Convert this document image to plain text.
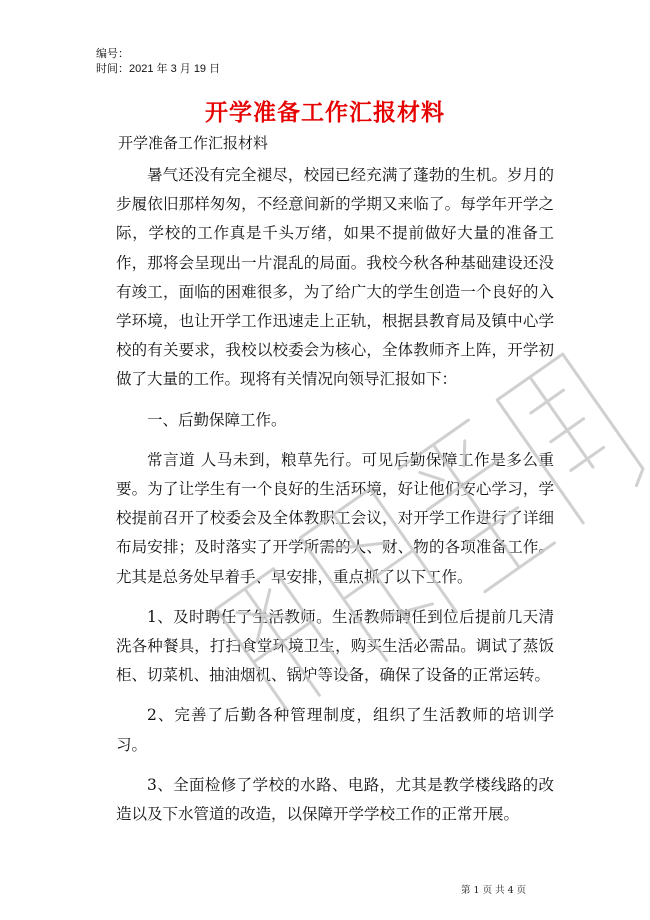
编号：
时间：2021 年 3 月 19 日
开学准备工作汇报材料
开学准备工作汇报材料

暑气还没有完全褪尽，校园已经充满了蓬勃的生机。岁月的步履依旧那样匆匆，不经意间新的学期又来临了。每学年开学之际，学校的工作真是千头万绪，如果不提前做好大量的准备工作，那将会呈现出一片混乱的局面。我校今秋各种基础建设还没有竣工，面临的困难很多，为了给广大的学生创造一个良好的入学环境，也让开学工作迅速走上正轨，根据县教育局及镇中心学校的有关要求，我校以校委会为核心，全体教师齐上阵，开学初做了大量的工作。现将有关情况向领导汇报如下：

一、后勤保障工作。

常言道 人马未到，粮草先行。可见后勤保障工作是多么重要。为了让学生有一个良好的生活环境，好让他们安心学习，学校提前召开了校委会及全体教职工会议，对开学工作进行了详细布局安排；及时落实了开学所需的人、财、物的各项准备工作。尤其是总务处早着手、早安排，重点抓了以下工作。

1、及时聘任了生活教师。生活教师聘任到位后提前几天清洗各种餐具，打扫食堂环境卫生，购买生活必需品。调试了蒸饭柜、切菜机、抽油烟机、锅炉等设备，确保了设备的正常运转。

2、完善了后勤各种管理制度，组织了生活教师的培训学习。

3、全面检修了学校的水路、电路，尤其是教学楼线路的改造以及下水管道的改造，以保障开学学校工作的正常开展。

第 1 页 共 4 页
